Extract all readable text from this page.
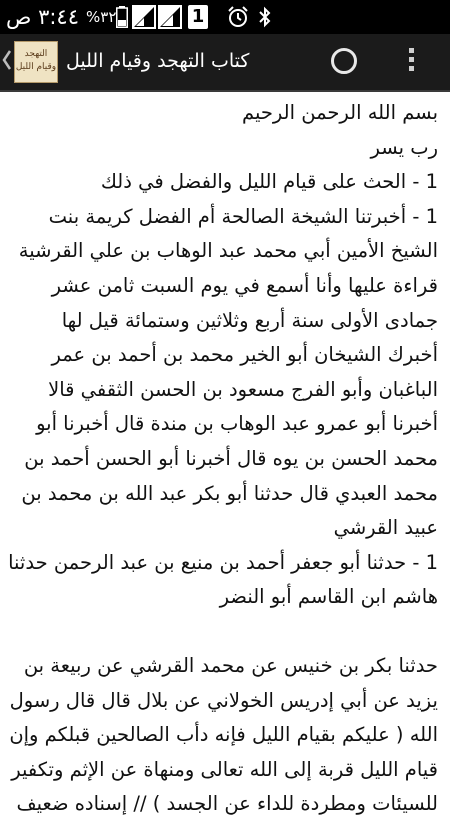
٣:٤٤ ص %٣٢	1
التهجد
وقيام الليل كتاب التهجد وقيام الليل

بسم الله الرحمن الرحيم

رب يسر

1 - الحث على قيام الليل والفضل في ذلك

1 - أخبرتنا الشيخة الصالحة أم الفضل كريمة بنت الشيخ الأمين أبي محمد عبد الوهاب بن علي القرشية قراءة عليها وأنا أسمع في يوم السبت ثامن عشر جمادى الأولى سنة أربع وثلاثين وستمائة قيل لها أخبرك الشيخان أبو الخير محمد بن أحمد بن عمر الباغبان وأبو الفرج مسعود بن الحسن الثقفي قالا أخبرنا أبو عمرو عبد الوهاب بن مندة قال أخبرنا أبو محمد الحسن بن يوه قال أخبرنا أبو الحسن أحمد بن محمد العبدي قال حدثنا أبو بكر عبد الله بن محمد بن عبيد القرشي

1 - حدثنا أبو جعفر أحمد بن منيع بن عبد الرحمن حدثنا هاشم ابن القاسم أبو النضر

حدثنا بكر بن خنيس عن محمد القرشي عن ربيعة بن يزيد عن أبي إدريس الخولاني عن بلال قال قال رسول الله ( عليكم بقيام الليل فإنه دأب الصالحين قبلكم وإن قيام الليل قربة إلى الله تعالى ومنهاة عن الإثم وتكفير للسيئات ومطردة للداء عن الجسد ) // إسناده ضعيف
